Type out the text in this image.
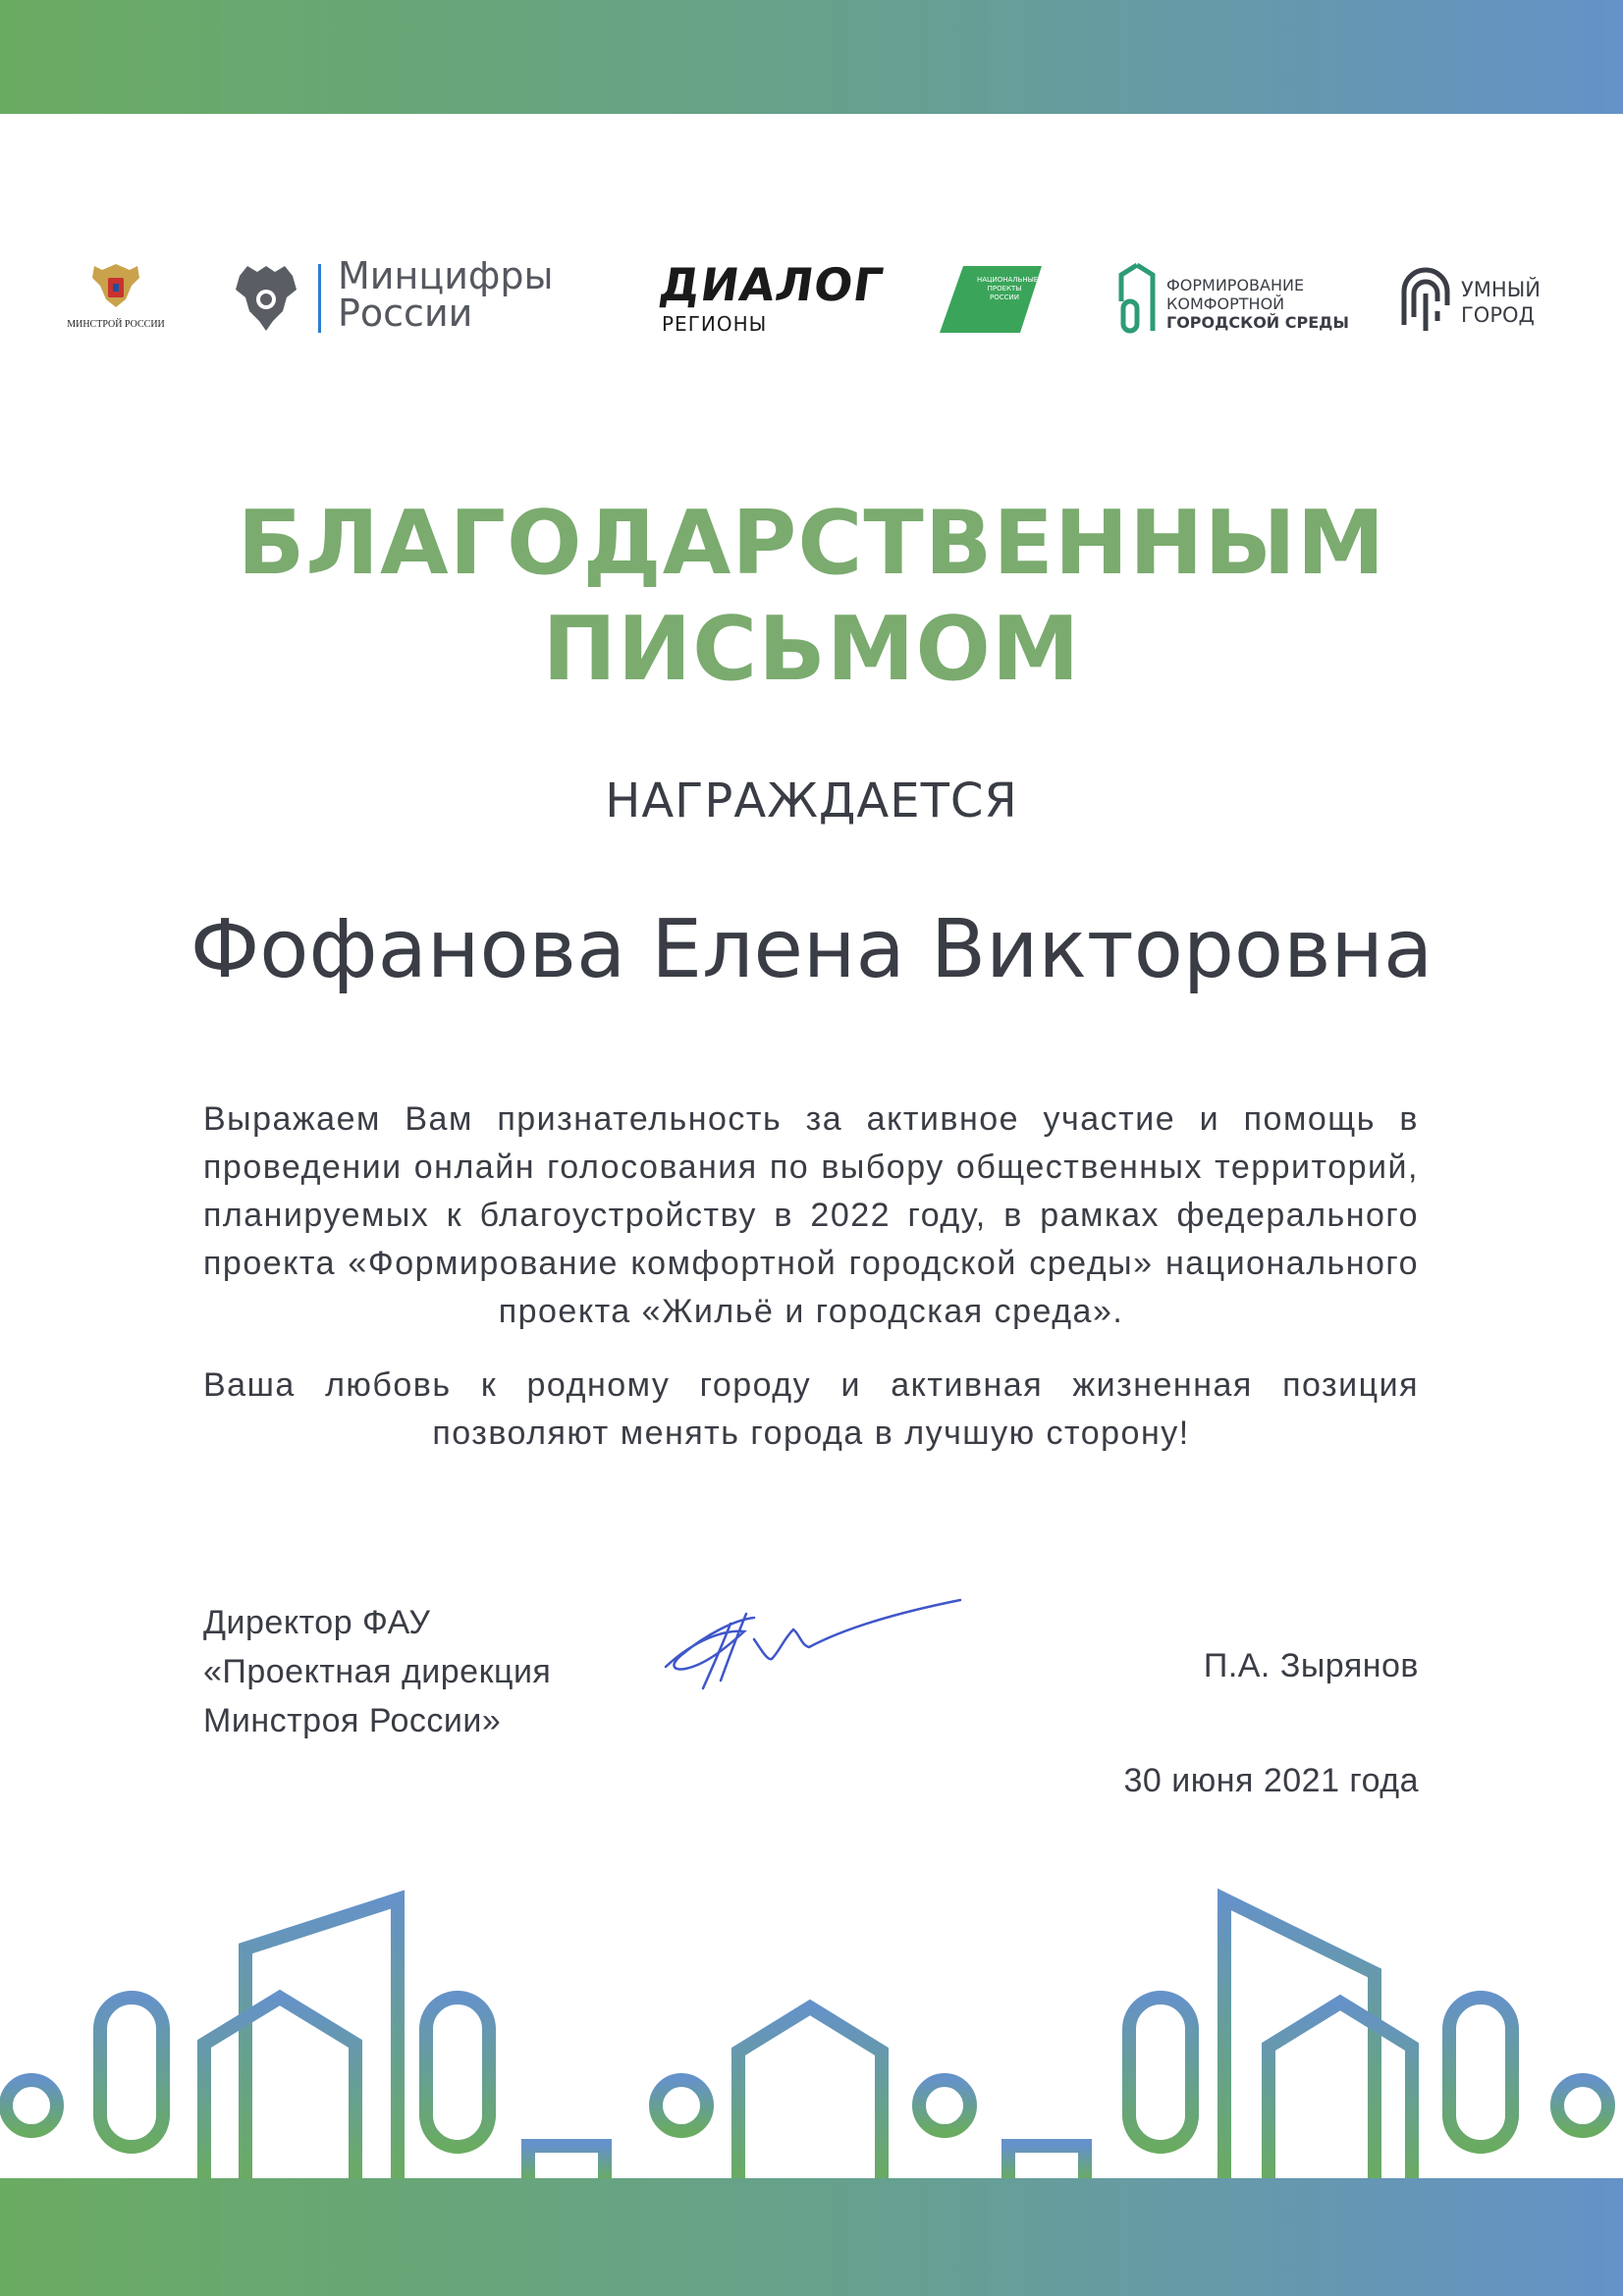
МИНСТРОЙ РОССИИ
Минцифры
России
ДИАЛОГ
РЕГИОНЫ
НАЦИОНАЛЬНЫЕ ПРОЕКТЫ РОССИИ
ФОРМИРОВАНИЕ
КОМФОРТНОЙ
ГОРОДСКОЙ СРЕДЫ
УМНЫЙ
ГОРОД
БЛАГОДАРСТВЕННЫМ
ПИСЬМОМ
НАГРАЖДАЕТСЯ
Фофанова Елена Викторовна

Выражаем Вам признательность за активное участие и помощь в проведении онлайн голосования по выбору общественных территорий, планируемых к благоустройству в 2022 году, в рамках федерального проекта «Формирование комфортной городской среды» национального проекта «Жильё и городская среда».

Ваша любовь к родному городу и активная жизненная позиция позволяют менять города в лучшую сторону!

Директор ФАУ
«Проектная дирекция
Минстроя России»
П.А. Зырянов
30 июня 2021 года
